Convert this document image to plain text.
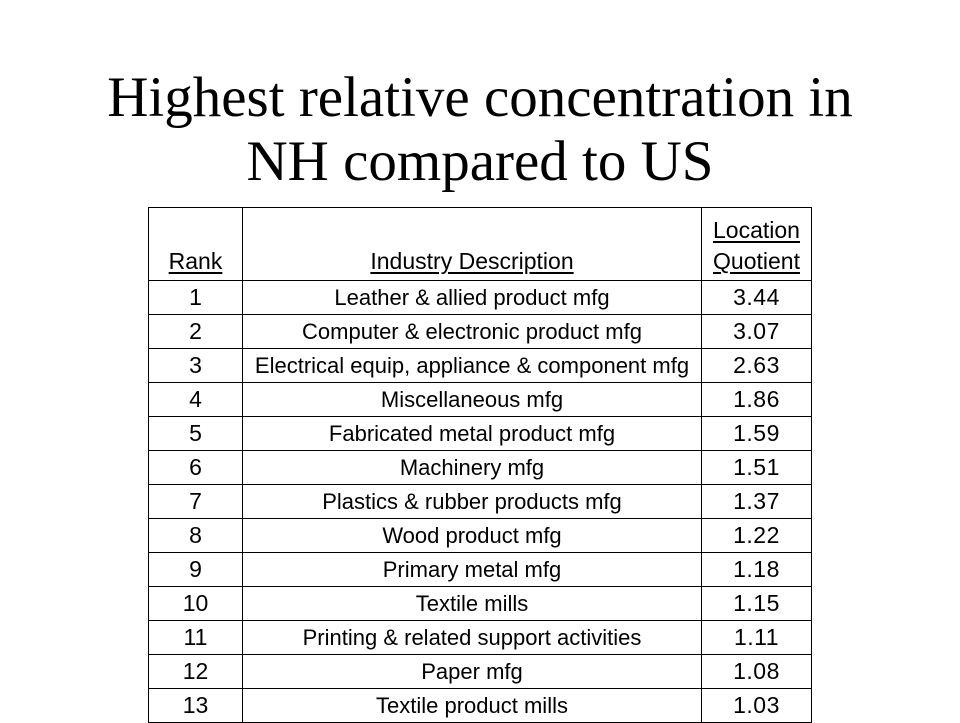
Highest relative concentration in
NH compared to US
Rank	Industry Description	Location
Quotient

1	Leather & allied product mfg	3.44
2	Computer & electronic product mfg	3.07
3	Electrical equip, appliance & component mfg	2.63
4	Miscellaneous mfg	1.86
5	Fabricated metal product mfg	1.59
6	Machinery mfg	1.51
7	Plastics & rubber products mfg	1.37
8	Wood product mfg	1.22
9	Primary metal mfg	1.18
10	Textile mills	1.15
11	Printing & related support activities	1.11
12	Paper mfg	1.08
13	Textile product mills	1.03
